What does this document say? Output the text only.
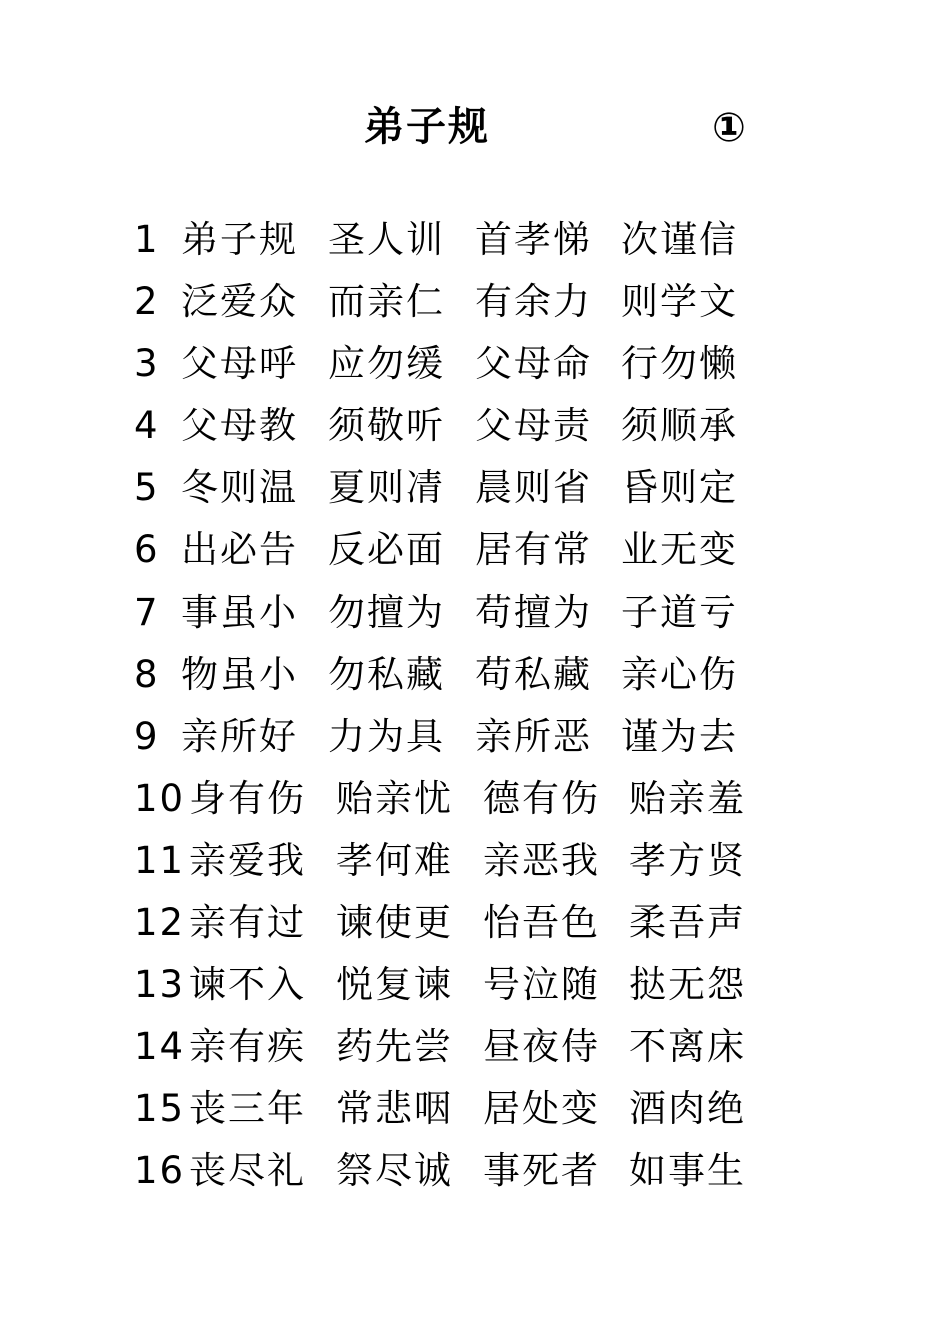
弟子规	①
1 弟子规 圣人训 首孝悌 次谨信
2 泛爱众 而亲仁 有余力 则学文
3 父母呼 应勿缓 父母命 行勿懒
4 父母教 须敬听 父母责 须顺承
5 冬则温 夏则凊 晨则省 昏则定
6 出必告 反必面 居有常 业无变
7 事虽小 勿擅为 苟擅为 子道亏
8 物虽小 勿私藏 苟私藏 亲心伤
9 亲所好 力为具 亲所恶 谨为去
10 身有伤 贻亲忧 德有伤 贻亲羞
11 亲爱我 孝何难 亲恶我 孝方贤
12 亲有过 谏使更 怡吾色 柔吾声
13 谏不入 悦复谏 号泣随 挞无怨
14 亲有疾 药先尝 昼夜侍 不离床
15 丧三年 常悲咽 居处变 酒肉绝
16 丧尽礼 祭尽诚 事死者 如事生
